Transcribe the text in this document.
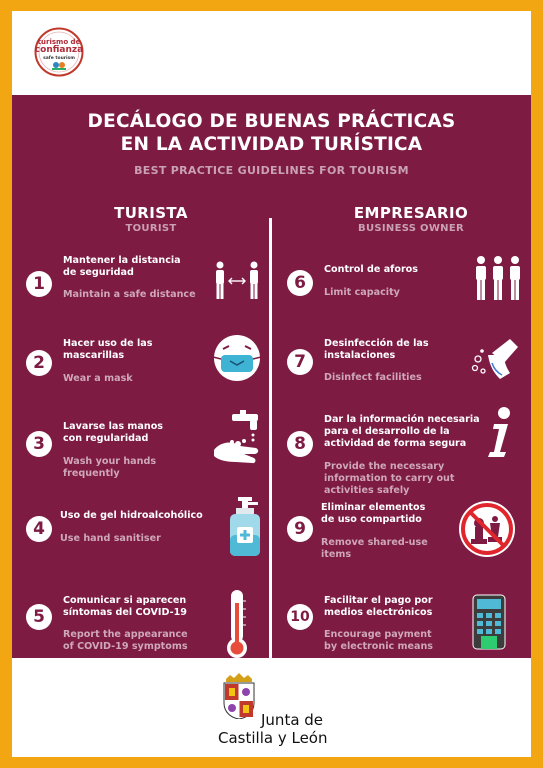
turismo de
confianza
safe tourism
DECÁLOGO DE BUENAS PRÁCTICAS
EN LA ACTIVIDAD TURÍSTICA
BEST PRACTICE GUIDELINES FOR TOURISM
TURISTA
TOURIST
EMPRESARIO
BUSINESS OWNER
1
Mantener la distancia
de seguridad
Maintain a safe distance
2
Hacer uso de las
mascarillas
Wear a mask
3
Lavarse las manos
con regularidad
Wash your hands
frequently
4
Uso de gel hidroalcohólico
Use hand sanitiser
5
Comunicar si aparecen
síntomas del COVID-19
Report the appearance
of COVID-19 symptoms
6
Control de aforos
Limit capacity
7
Desinfección de las
instalaciones
Disinfect facilities
8
Dar la información necesaria
para el desarrollo de la
actividad de forma segura
Provide the necessary
information to carry out
activities safely
9
Eliminar elementos
de uso compartido
Remove shared-use
items
10
Facilitar el pago por
medios electrónicos
Encourage payment
by electronic means
Junta de
Castilla y León
